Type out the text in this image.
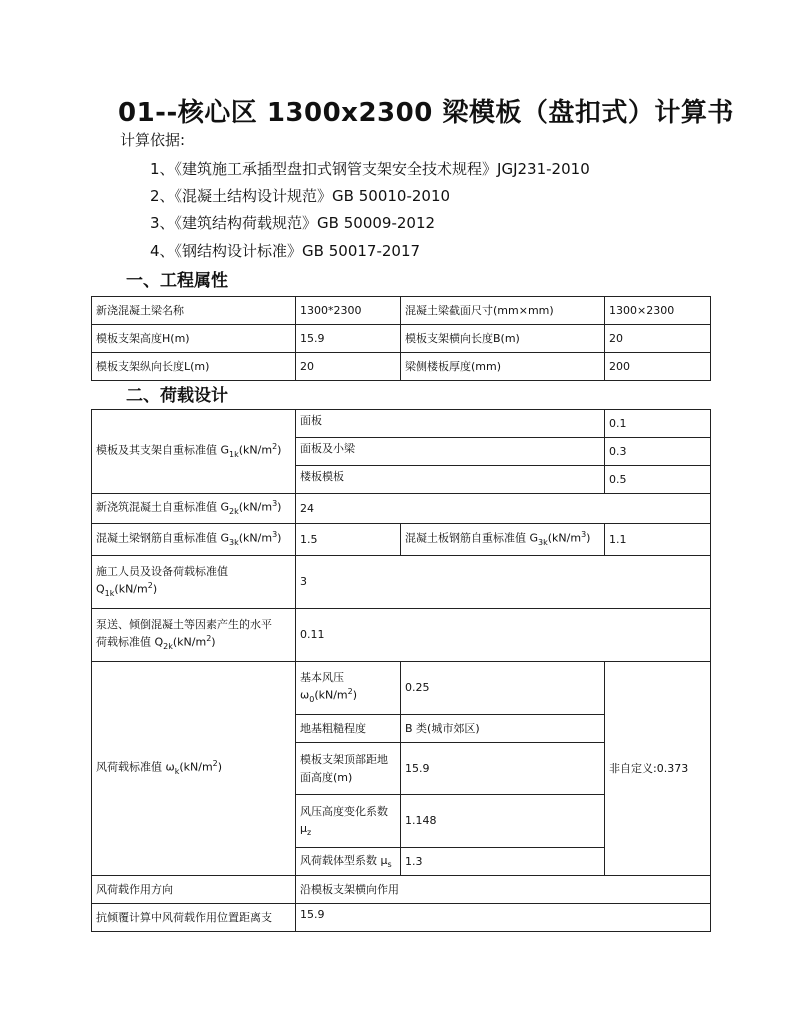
01--核心区 1300x2300 梁模板（盘扣式）计算书
计算依据:
1、《建筑施工承插型盘扣式钢管支架安全技术规程》JGJ231-2010
2、《混凝土结构设计规范》GB 50010-2010
3、《建筑结构荷载规范》GB 50009-2012
4、《钢结构设计标准》GB 50017-2017
一、工程属性
新浇混凝土梁名称	1300*2300	混凝土梁截面尺寸(mm×mm)	1300×2300
模板支架高度H(m)	15.9	模板支架横向长度B(m)	20
模板支架纵向长度L(m)	20	梁侧楼板厚度(mm)	200
二、荷载设计
模板及其支架自重标准值 $G_{1k}(kN/m^2)$	面板		0.1
	面板及小梁		0.3
	楼板模板		0.5
新浇筑混凝土自重标准值 $G_{2k}(kN/m^3)$	24		
混凝土梁钢筋自重标准值 $G_{3k}(kN/m^3)$	1.5	混凝土板钢筋自重标准值 $G_{3k}(kN/m^3)$	1.1
施工人员及设备荷载标准值
$Q_{1k}(kN/m^2)$	3		
泵送、倾倒混凝土等因素产生的水平
荷载标准值 $Q_{2k}(kN/m^2)$	0.11		
风荷载标准值 $\omega_k(kN/m^2)$	基本风压
$\omega_0(kN/m^2)$	0.25	非自定义:0.373
	地基粗糙程度	B 类(城市郊区)	
	模板支架顶部距地
面高度(m)	15.9	
	风压高度变化系数
$\mu_z$	1.148	
	风荷载体型系数 $\mu_s$	1.3	
风荷载作用方向	沿模板支架横向作用		
抗倾覆计算中风荷载作用位置距离支	15.9		
